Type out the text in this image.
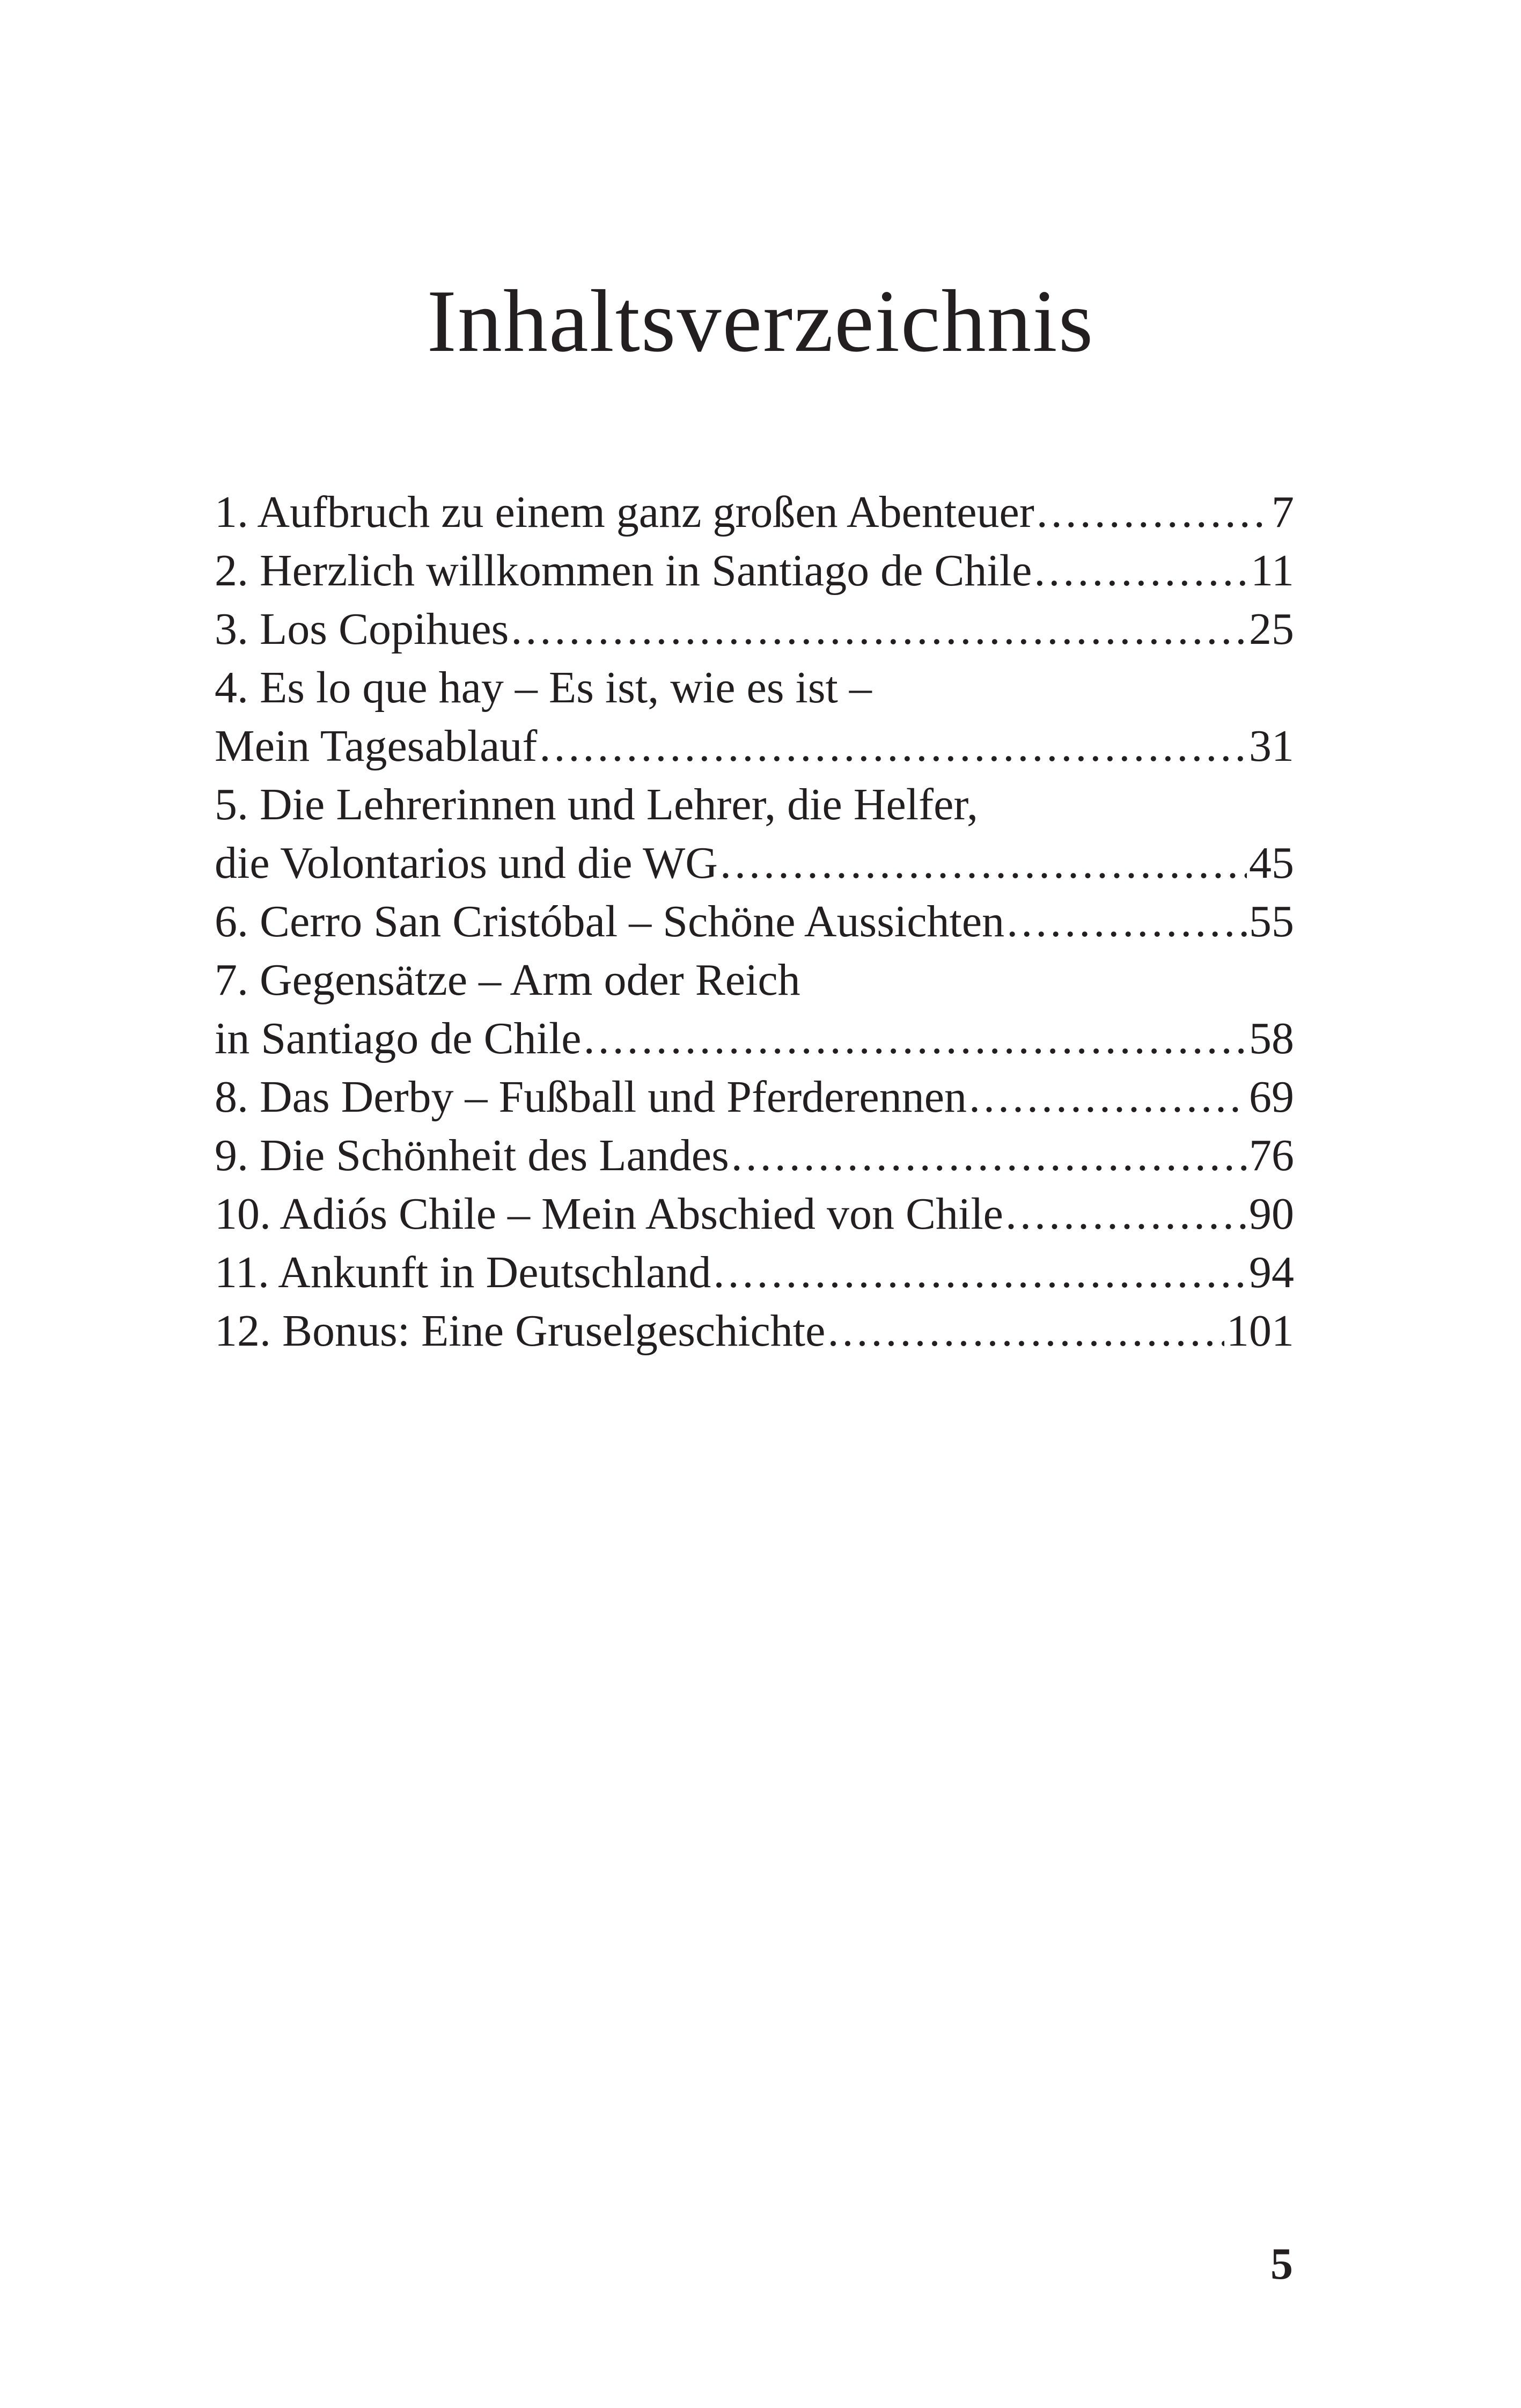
Inhaltsverzeichnis
1. Aufbruch zu einem ganz großen Abenteuer .....	7
2. Herzlich willkommen in Santiago de Chile .....	11
3. Los Copihues .....	25
4. Es lo que hay – Es ist, wie es ist –
Mein Tagesablauf .....	31
5. Die Lehrerinnen und Lehrer, die Helfer,
die Volontarios und die WG .....	45
6. Cerro San Cristóbal – Schöne Aussichten .....	55
7. Gegensätze – Arm oder Reich
in Santiago de Chile .....	58
8. Das Derby – Fußball und Pferderennen .....	69
9. Die Schönheit des Landes .....	76
10. Adiós Chile – Mein Abschied von Chile .....	90
11. Ankunft in Deutschland .....	94
12. Bonus: Eine Gruselgeschichte .....	101
5
